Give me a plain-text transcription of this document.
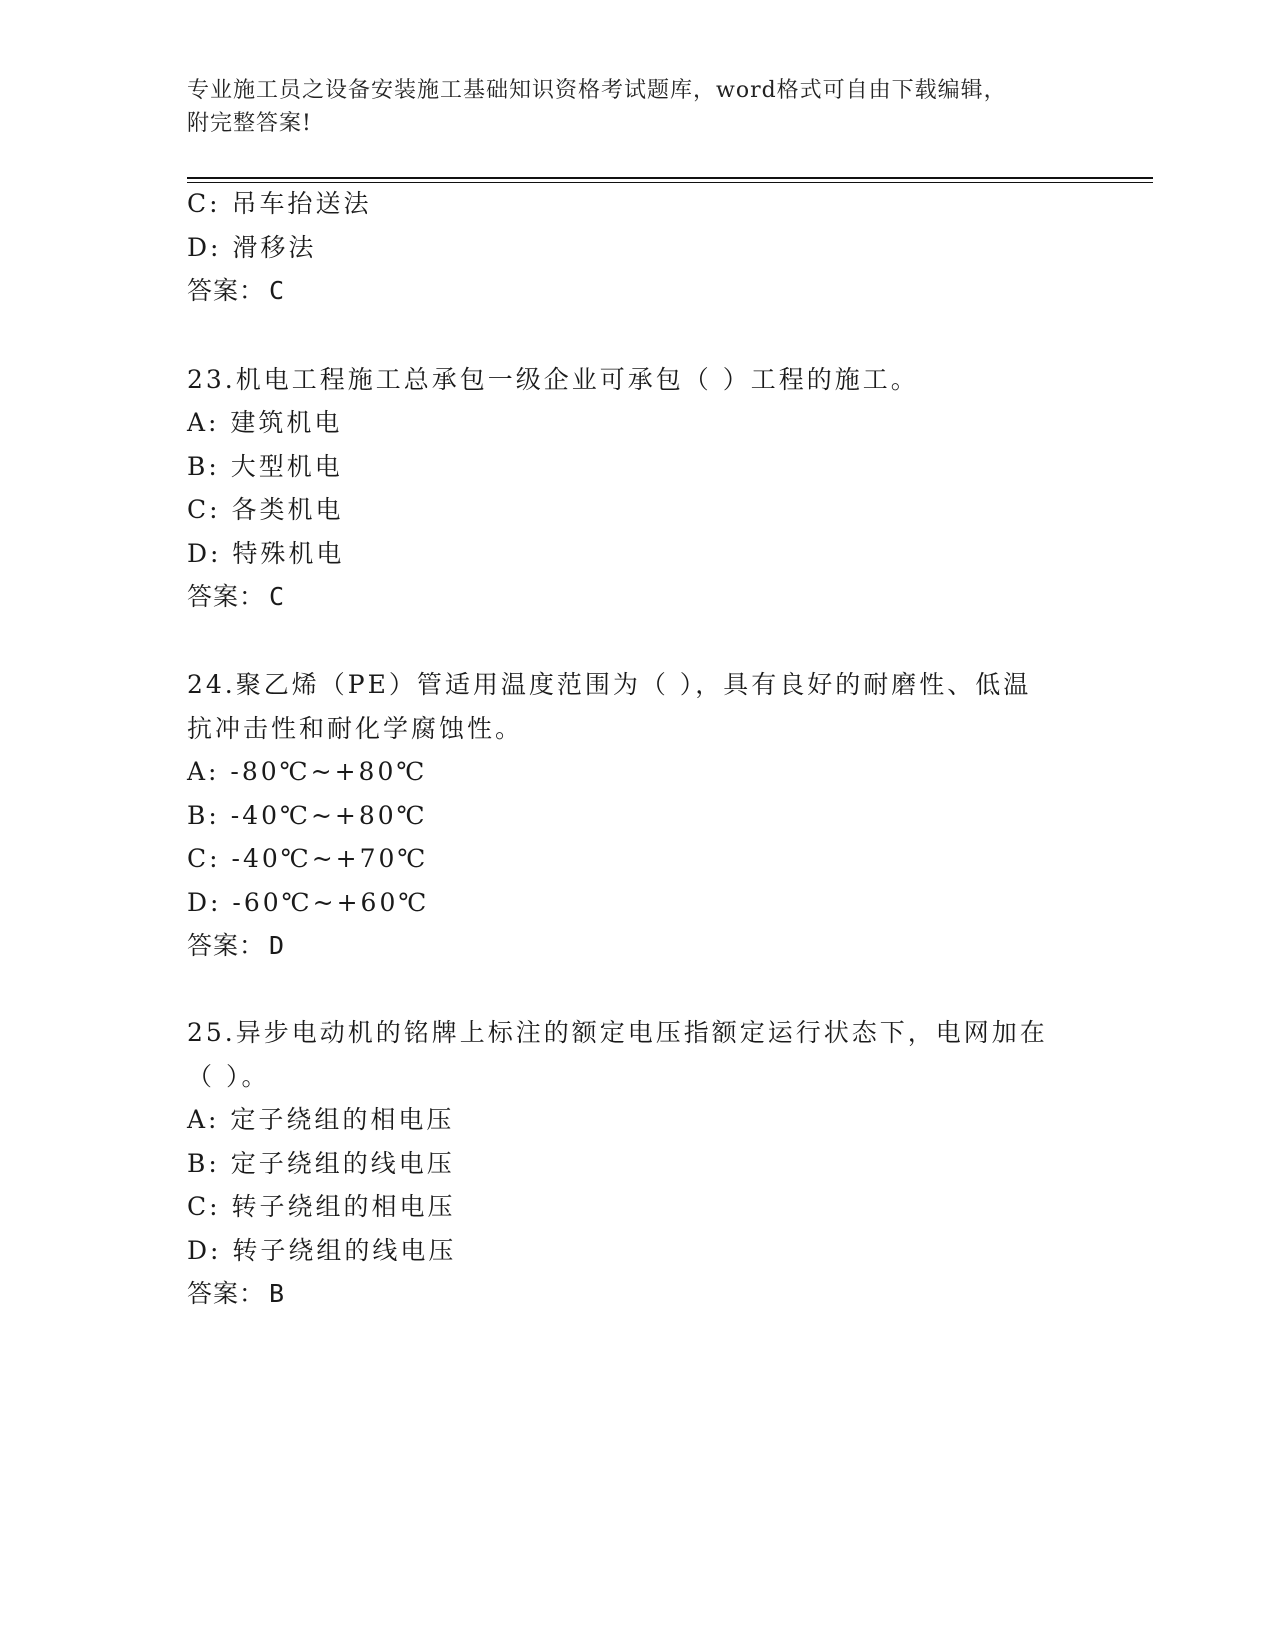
专业施工员之设备安装施工基础知识资格考试题库，word格式可自由下载编辑，
附完整答案!
C: 吊车抬送法
D: 滑移法
答案： C
23.机电工程施工总承包一级企业可承包（ ）工程的施工。
A: 建筑机电
B: 大型机电
C: 各类机电
D: 特殊机电
答案： C
24.聚乙烯（PE）管适用温度范围为（ ），具有良好的耐磨性、低温
抗冲击性和耐化学腐蚀性。
A: -80℃~+80℃
B: -40℃~+80℃
C: -40℃~+70℃
D: -60℃~+60℃
答案： D
25.异步电动机的铭牌上标注的额定电压指额定运行状态下，电网加在
（ ）。
A: 定子绕组的相电压
B: 定子绕组的线电压
C: 转子绕组的相电压
D: 转子绕组的线电压
答案： B
